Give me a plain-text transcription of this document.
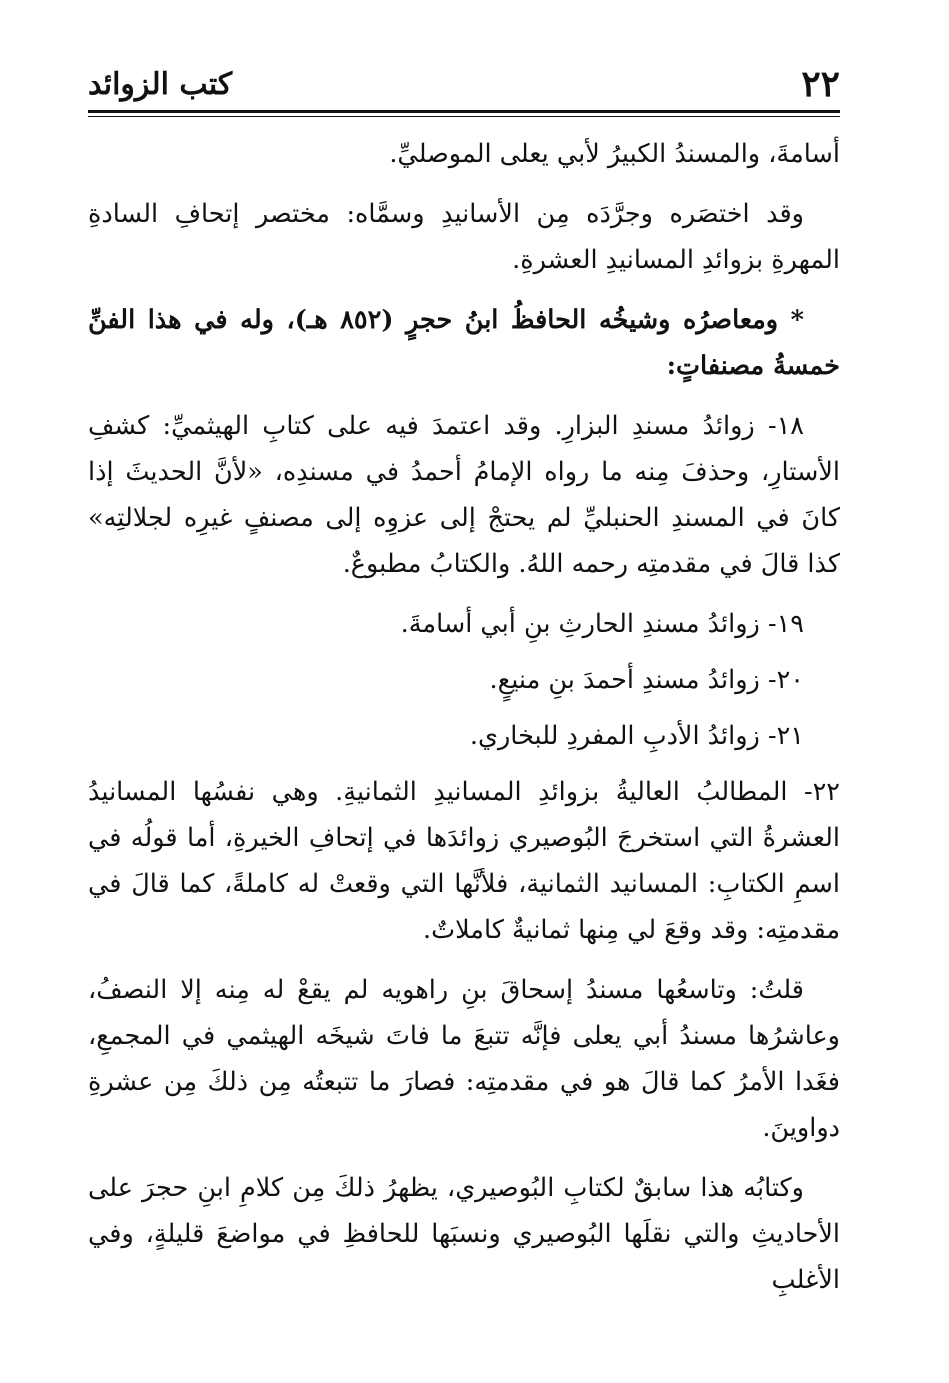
٢٢
كتب الزوائد

أسامةَ، والمسندُ الكبيرُ لأبي يعلى الموصليِّ.

وقد اختصَره وجرَّدَه مِن الأسانيدِ وسمَّاه: مختصر إتحافِ السادةِ المهرةِ بزوائدِ المسانيدِ العشرةِ.

* ومعاصرُه وشيخُه الحافظُ ابنُ حجرٍ (٨٥٢ هـ)، وله في هذا الفنِّ خمسةُ مصنفاتٍ:

١٨- زوائدُ مسندِ البزارِ. وقد اعتمدَ فيه على كتابِ الهيثميِّ: كشفِ الأستارِ، وحذفَ مِنه ما رواه الإمامُ أحمدُ في مسندِه، «لأنَّ الحديثَ إذا كانَ في المسندِ الحنبليِّ لم يحتجْ إلى عزوِه إلى مصنفٍ غيرِه لجلالتِه» كذا قالَ في مقدمتِه رحمه اللهُ. والكتابُ مطبوعٌ.

١٩- زوائدُ مسندِ الحارثِ بنِ أبي أسامةَ.

٢٠- زوائدُ مسندِ أحمدَ بنِ منيعٍ.

٢١- زوائدُ الأدبِ المفردِ للبخاري.

٢٢- المطالبُ العاليةُ بزوائدِ المسانيدِ الثمانيةِ. وهي نفسُها المسانيدُ العشرةُ التي استخرجَ البُوصيري زوائدَها في إتحافِ الخيرةِ، أما قولُه في اسمِ الكتابِ: المسانيد الثمانية، فلأنَّها التي وقعتْ له كاملةً، كما قالَ في مقدمتِه: وقد وقعَ لي مِنها ثمانيةٌ كاملاتٌ.

قلتُ: وتاسعُها مسندُ إسحاقَ بنِ راهويه لم يقعْ له مِنه إلا النصفُ، وعاشرُها مسندُ أبي يعلى فإنَّه تتبعَ ما فاتَ شيخَه الهيثمي في المجمعِ، فغَدا الأمرُ كما قالَ هو في مقدمتِه: فصارَ ما تتبعتُه مِن ذلكَ مِن عشرةِ دواوينَ.

وكتابُه هذا سابقٌ لكتابِ البُوصيري، يظهرُ ذلكَ مِن كلامِ ابنِ حجرَ على الأحاديثِ والتي نقلَها البُوصيري ونسبَها للحافظِ في مواضعَ قليلةٍ، وفي الأغلبِ
